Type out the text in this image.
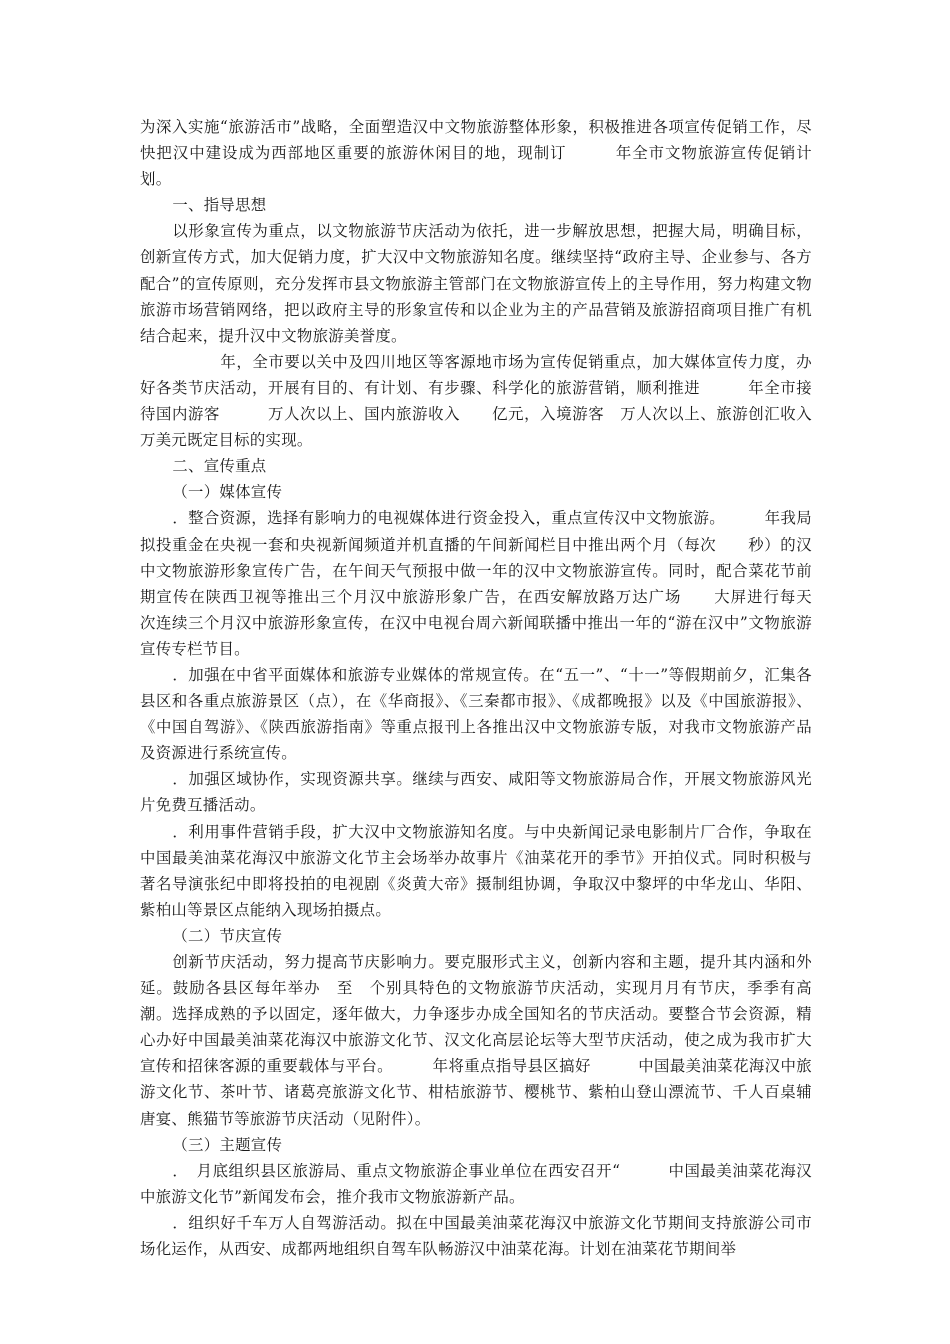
为深入实施“旅游活市”战略，全面塑造汉中文物旅游整体形象，积极推进各项宣传促销工作，尽快把汉中建设成为西部地区重要的旅游休闲目的地，现制订　　　年全市文物旅游宣传促销计划。

一、指导思想

以形象宣传为重点，以文物旅游节庆活动为依托，进一步解放思想，把握大局，明确目标，创新宣传方式，加大促销力度，扩大汉中文物旅游知名度。继续坚持“政府主导、企业参与、各方配合”的宣传原则，充分发挥市县文物旅游主管部门在文物旅游宣传上的主导作用，努力构建文物旅游市场营销网络，把以政府主导的形象宣传和以企业为主的产品营销及旅游招商项目推广有机结合起来，提升汉中文物旅游美誉度。

　　　年，全市要以关中及四川地区等客源地市场为宣传促销重点，加大媒体宣传力度，办好各类节庆活动，开展有目的、有计划、有步骤、科学化的旅游营销，顺利推进　　　年全市接待国内游客　　　万人次以上、国内旅游收入　　亿元，入境游客　万人次以上、旅游创汇收入　　万美元既定目标的实现。

二、宣传重点

（一）媒体宣传

．整合资源，选择有影响力的电视媒体进行资金投入，重点宣传汉中文物旅游。　　　年我局拟投重金在央视一套和央视新闻频道并机直播的午间新闻栏目中推出两个月（每次　　秒）的汉中文物旅游形象宣传广告，在午间天气预报中做一年的汉中文物旅游宣传。同时，配合菜花节前期宣传在陕西卫视等推出三个月汉中旅游形象广告，在西安解放路万达广场　　大屏进行每天　　次连续三个月汉中旅游形象宣传，在汉中电视台周六新闻联播中推出一年的“游在汉中”文物旅游宣传专栏节目。

．加强在中省平面媒体和旅游专业媒体的常规宣传。在“五一”、“十一”等假期前夕，汇集各县区和各重点旅游景区（点），在《华商报》、《三秦都市报》、《成都晚报》以及《中国旅游报》、《中国自驾游》、《陕西旅游指南》等重点报刊上各推出汉中文物旅游专版，对我市文物旅游产品及资源进行系统宣传。

．加强区域协作，实现资源共享。继续与西安、咸阳等文物旅游局合作，开展文物旅游风光片免费互播活动。

．利用事件营销手段，扩大汉中文物旅游知名度。与中央新闻记录电影制片厂合作，争取在　　　中国最美油菜花海汉中旅游文化节主会场举办故事片《油菜花开的季节》开拍仪式。同时积极与著名导演张纪中即将投拍的电视剧《炎黄大帝》摄制组协调，争取汉中黎坪的中华龙山、华阳、紫柏山等景区点能纳入现场拍摄点。

（二）节庆宣传

创新节庆活动，努力提高节庆影响力。要克服形式主义，创新内容和主题，提升其内涵和外延。鼓励各县区每年举办　至　个别具特色的文物旅游节庆活动，实现月月有节庆，季季有高潮。选择成熟的予以固定，逐年做大，力争逐步办成全国知名的节庆活动。要整合节会资源，精心办好中国最美油菜花海汉中旅游文化节、汉文化高层论坛等大型节庆活动，使之成为我市扩大宣传和招徕客源的重要载体与平台。　　　年将重点指导县区搞好　　　中国最美油菜花海汉中旅游文化节、茶叶节、诸葛亮旅游文化节、柑桔旅游节、樱桃节、紫柏山登山漂流节、千人百桌辅唐宴、熊猫节等旅游节庆活动（见附件）。

（三）主题宣传

．　月底组织县区旅游局、重点文物旅游企事业单位在西安召开“　　　中国最美油菜花海汉中旅游文化节”新闻发布会，推介我市文物旅游新产品。

．组织好千车万人自驾游活动。拟在中国最美油菜花海汉中旅游文化节期间支持旅游公司市场化运作，从西安、成都两地组织自驾车队畅游汉中油菜花海。计划在油菜花节期间举
